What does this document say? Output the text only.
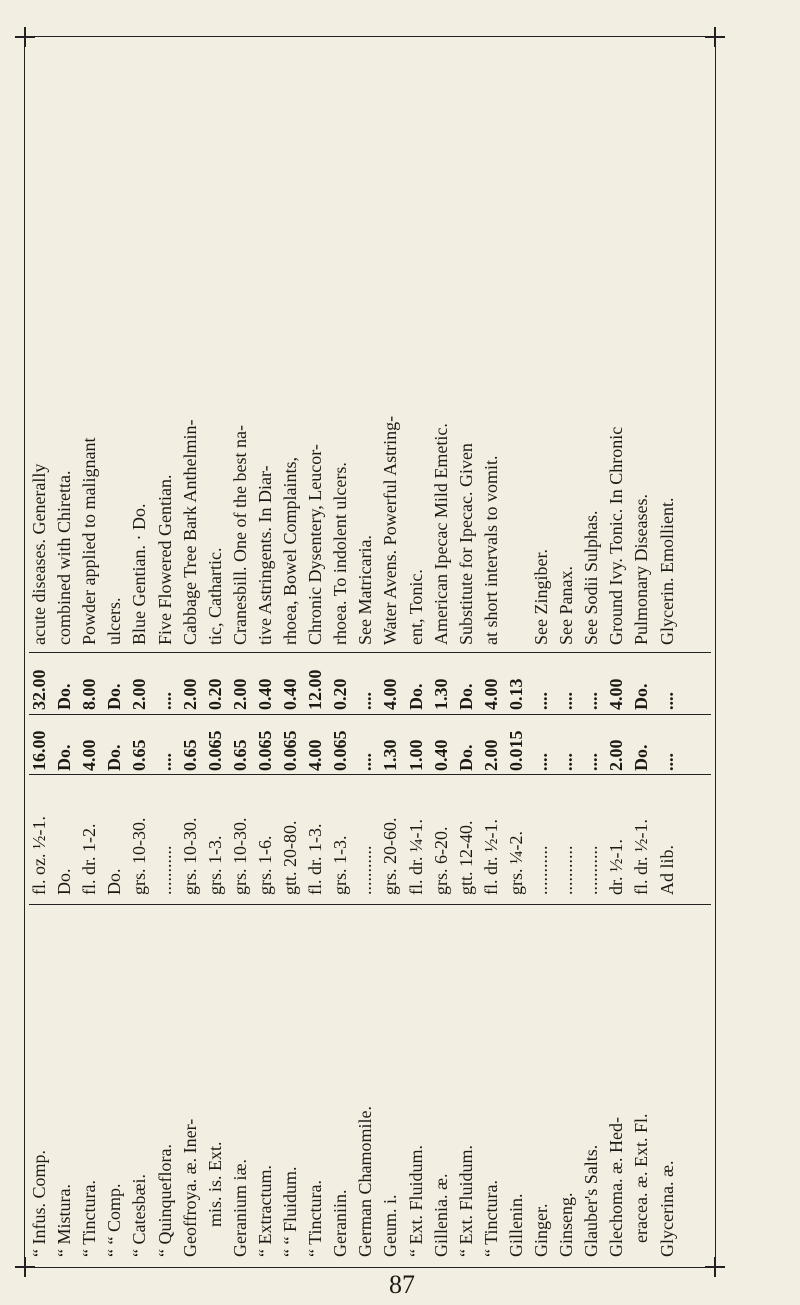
“ Infus. Comp.
fl. oz. ½-1.
16.00
32.00
acute diseases. Generally
“ Mistura.
Do.
Do.
Do.
combined with Chiretta.
“ Tinctura.
fl. dr. 1-2.
4.00
8.00
Powder applied to malignant
“ “ Comp.
Do.
Do.
Do.
ulcers.
“ Catesbæi.
grs. 10-30.
0.65
2.00
Blue Gentian. · Do.
“ Quinqueflora.
...........
....
....
Five Flowered Gentian.
Geoffroya. æ. Iner-
grs. 10-30.
0.65
2.00
Cabbage Tree Bark Anthelmin-
mis. is. Ext.
grs. 1-3.
0.065
0.20
tic, Cathartic.
Geranium iæ.
grs. 10-30.
0.65
2.00
Cranesbill. One of the best na-
“ Extractum.
grs. 1-6.
0.065
0.40
tive Astringents. In Diar-
“ “ Fluidum.
gtt. 20-80.
0.065
0.40
rhoea, Bowel Complaints,
“ Tinctura.
fl. dr. 1-3.
4.00
12.00
Chronic Dysentery, Leucor-
Geraniin.
grs. 1-3.
0.065
0.20
rhoea. To indolent ulcers.
German Chamomile.
...........
....
....
See Matricaria.
Geum. i.
grs. 20-60.
1.30
4.00
Water Avens. Powerful Astring-
“ Ext. Fluidum.
fl. dr. ¼-1.
1.00
Do.
ent, Tonic.
Gillenia. æ.
grs. 6-20.
0.40
1.30
American Ipecac Mild Emetic.
“ Ext. Fluidum.
gtt. 12-40.
Do.
Do.
Substitute for Ipecac. Given
“ Tinctura.
fl. dr. ½-1.
2.00
4.00
at short intervals to vomit.
Gillenin.
grs. ¼-2.
0.015
0.13
Ginger.
...........
....
....
See Zingiber.
Ginseng.
...........
....
....
See Panax.
Glauber's Salts.
...........
....
....
See Sodii Sulphas.
Glechoma. æ. Hed-
dr. ½-1.
2.00
4.00
Ground Ivy. Tonic. In Chronic
eracea. æ. Ext. Fl.
fl. dr. ½-1.
Do.
Do.
Pulmonary Diseases.
Glycerina. æ.
Ad lib.
....
....
Glycerin. Emollient.
87
